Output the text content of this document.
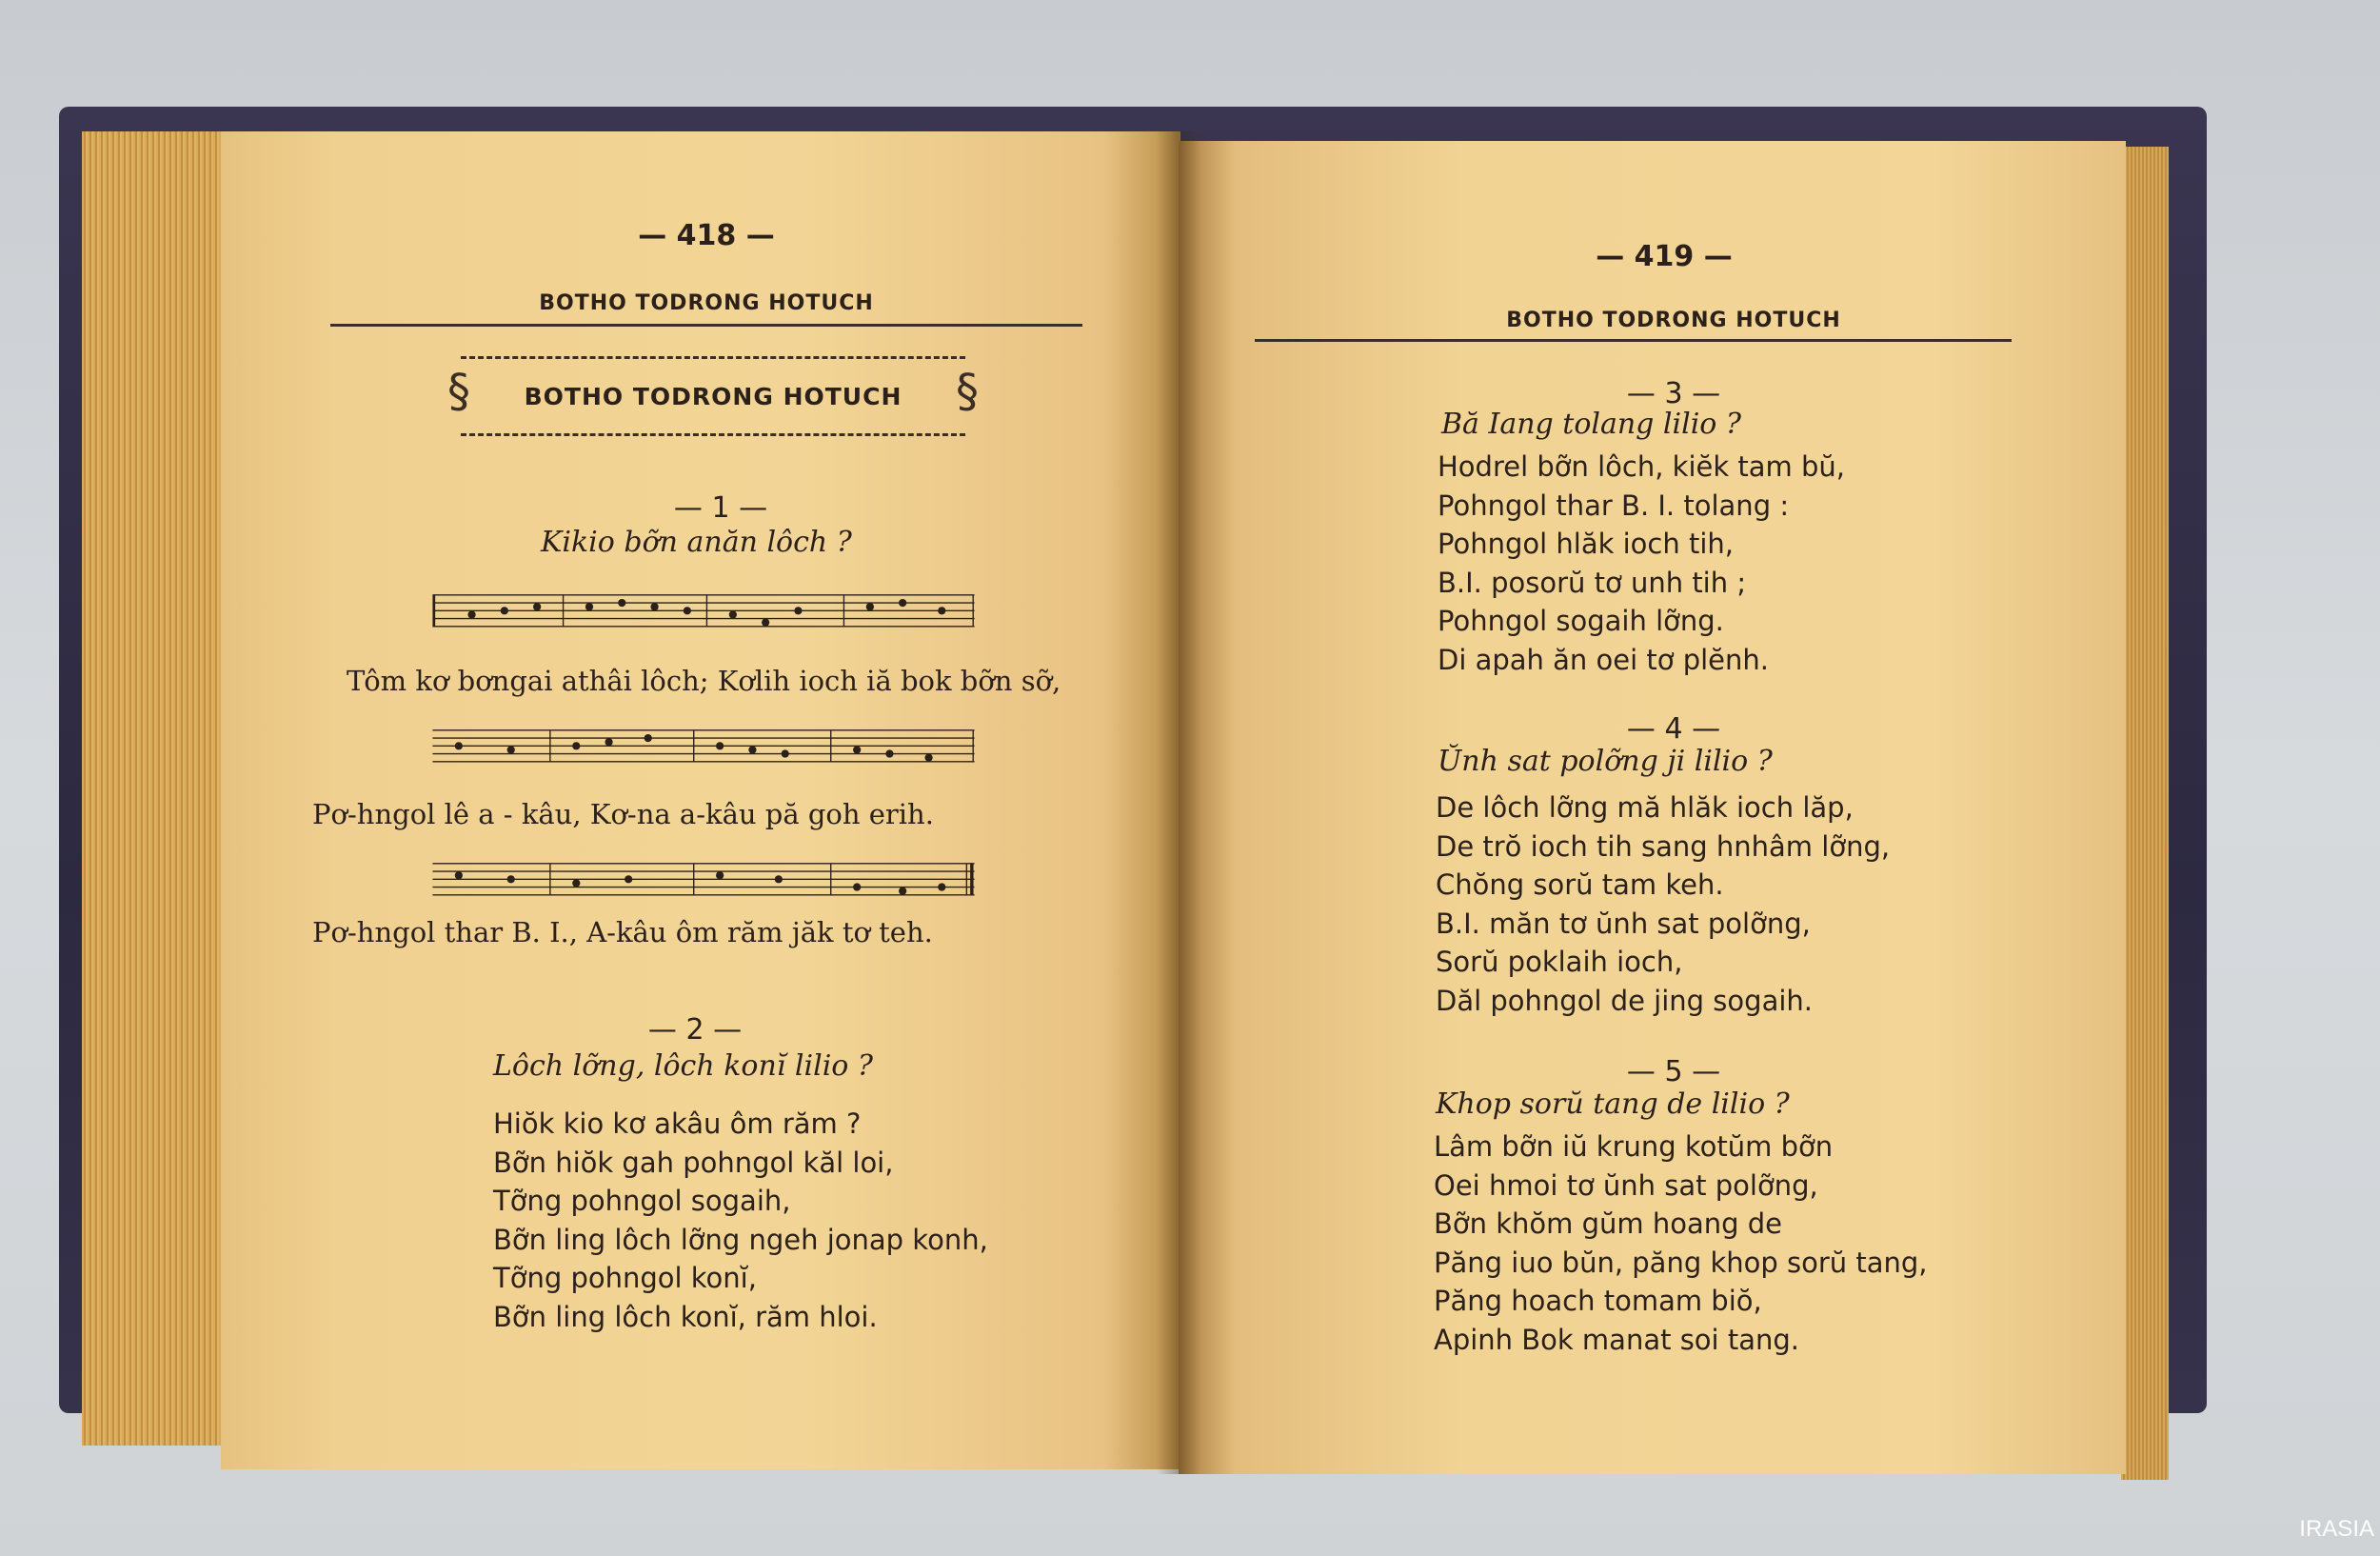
— 418 —
BOTHO TODRONG HOTUCH
§ BOTHO TODRONG HOTUCH §
— 1 —
Kikio bỡn anăn lôch ?
Tôm kơ bơngai athâi lôch; Kơlih ioch iă bok bỡn sỡ,
Pơ-hngol lê a - kâu, Kơ-na a-kâu pă goh erih.
Pơ-hngol thar B. I., A-kâu ôm răm jăk tơ teh.
— 2 —
Lôch lỡng, lôch konĭ lilio ?
Hiŏk kio kơ akâu ôm răm ?
Bỡn hiŏk gah pohngol kăl loi,
Tỡng pohngol sogaih,
Bỡn ling lôch lỡng ngeh jonap konh,
Tỡng pohngol konĭ,
Bỡn ling lôch konĭ, răm hloi.
— 419 —
BOTHO TODRONG HOTUCH
— 3 —
Bă Iang tolang lilio ?
Hodrel bỡn lôch, kiĕk tam bŭ,
Pohngol thar B. I. tolang :
Pohngol hlăk ioch tih,
B.I. posorŭ tơ unh tih ;
Pohngol sogaih lỡng.
Di apah ăn oei tơ plĕnh.
— 4 —
Ŭnh sat polỡng ji lilio ?
De lôch lỡng mă hlăk ioch lăp,
De trŏ ioch tih sang hnhâm lỡng,
Chŏng sorŭ tam keh.
B.I. măn tơ ŭnh sat polỡng,
Sorŭ poklaih ioch,
Dăl pohngol de jing sogaih.
— 5 —
Khop sorŭ tang de lilio ?
Lâm bỡn iŭ krung kotŭm bỡn
Oei hmoi tơ ŭnh sat polỡng,
Bỡn khŏm gŭm hoang de
Păng iuo bŭn, păng khop sorŭ tang,
Păng hoach tomam biŏ,
Apinh Bok manat soi tang.
IRASIA
